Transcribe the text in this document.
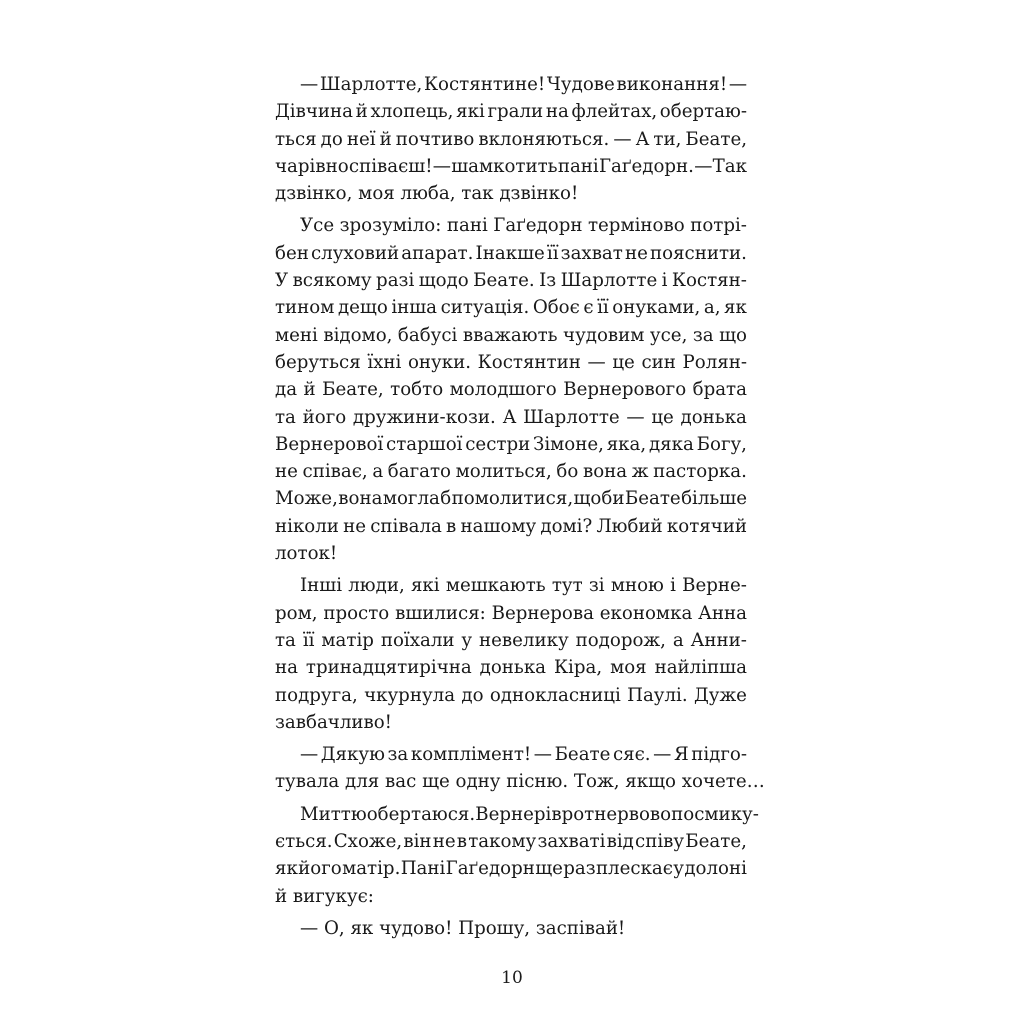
— Шарлотте, Костянтине! Чудове виконання! —
Дівчина й хлопець, які грали на флейтах, обертаю-
ться до неї й почтиво вклоняються. — А ти, Беате,
чарівно співаєш! — шамкотить пані Гаґедорн. — Так
дзвінко, моя люба, так дзвінко!
Усе зрозуміло: пані Гаґедорн терміново потрі-
бен слуховий апарат. Інакше її захват не пояснити.
У всякому разі щодо Беате. Із Шарлотте і Костян-
тином дещо інша ситуація. Обоє є її онуками, а, як
мені відомо, бабусі вважають чудовим усе, за що
беруться їхні онуки. Костянтин — це син Ролян-
да й Беате, тобто молодшого Вернерового брата
та його дружини-кози. А Шарлотте — це донька
Вернерової старшої сестри Зімоне, яка, дяка Богу,
не співає, а багато молиться, бо вона ж пасторка.
Може, вона могла б помолитися, щоби Беате більше
ніколи не співала в нашому домі? Любий котячий
лоток!
Інші люди, які мешкають тут зі мною і Верне-
ром, просто вшилися: Вернерова економка Анна
та її матір поїхали у невелику подорож, а Анни-
на тринадцятирічна донька Кіра, моя найліпша
подруга, чкурнула до однокласниці Паулі. Дуже
завбачливо!
— Дякую за комплімент! — Беате сяє. — Я підго-
тувала для вас ще одну пісню. Тож, якщо хочете…
Миттю обертаюся. Вернерів рот нервово посмику-
ється. Схоже, він не в такому захваті від співу Беате,
як його матір. Пані Гаґедорн ще раз плескає у долоні
й вигукує:
— О, як чудово! Прошу, заспівай!
10
